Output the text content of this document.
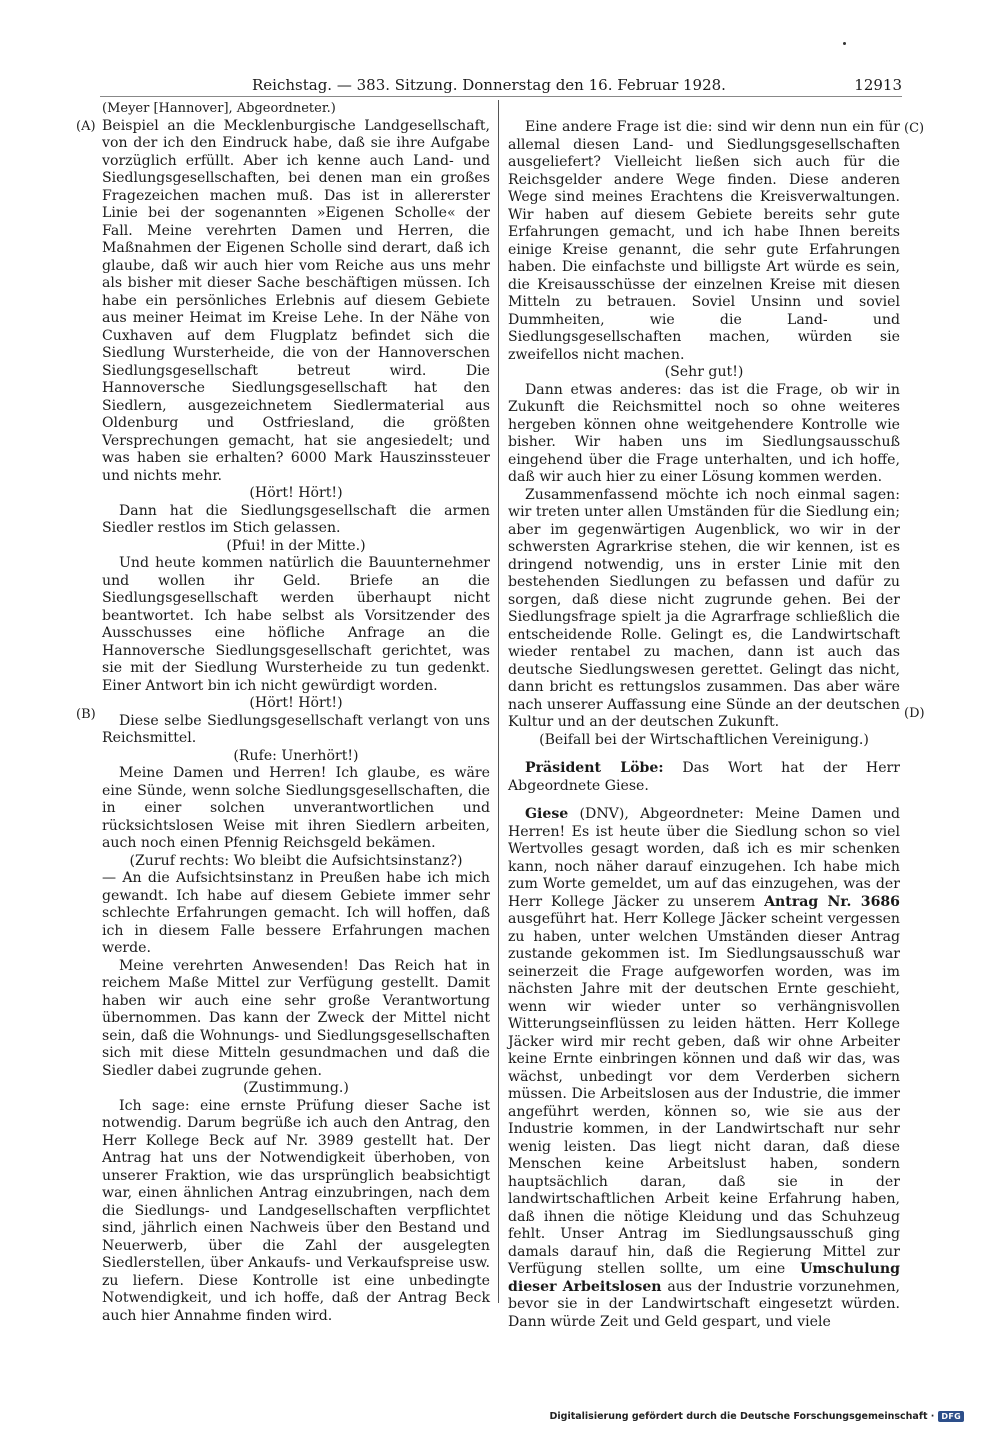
Reichstag. — 383. Sitzung. Donnerstag den 16. Februar 1928.	12913
(A)
(B)
(C)
(D)

(Meyer [Hannover], Abgeordneter.)

Beispiel an die Mecklenburgische Landgesellschaft, von der ich den Eindruck habe, daß sie ihre Aufgabe vorzüglich erfüllt. Aber ich kenne auch Land- und Siedlungsgesellschaften, bei denen man ein großes Fragezeichen machen muß. Das ist in allererster Linie bei der sogenannten »Eigenen Scholle« der Fall. Meine verehrten Damen und Herren, die Maßnahmen der Eigenen Scholle sind derart, daß ich glaube, daß wir auch hier vom Reiche aus uns mehr als bisher mit dieser Sache beschäftigen müssen. Ich habe ein persönliches Erlebnis auf diesem Gebiete aus meiner Heimat im Kreise Lehe. In der Nähe von Cuxhaven auf dem Flugplatz befindet sich die Siedlung Wursterheide, die von der Hannoverschen Siedlungsgesellschaft betreut wird. Die Hannoversche Siedlungsgesellschaft hat den Siedlern, ausgezeichnetem Siedlermaterial aus Oldenburg und Ostfriesland, die größten Versprechungen gemacht, hat sie angesiedelt; und was haben sie erhalten? 6000 Mark Hauszinssteuer und nichts mehr.

(Hört! Hört!)

Dann hat die Siedlungsgesellschaft die armen Siedler restlos im Stich gelassen.

(Pfui! in der Mitte.)

Und heute kommen natürlich die Bauunternehmer und wollen ihr Geld. Briefe an die Siedlungsgesellschaft werden überhaupt nicht beantwortet. Ich habe selbst als Vorsitzender des Ausschusses eine höfliche Anfrage an die Hannoversche Siedlungsgesellschaft gerichtet, was sie mit der Siedlung Wursterheide zu tun gedenkt. Einer Antwort bin ich nicht gewürdigt worden.

(Hört! Hört!)

Diese selbe Siedlungsgesellschaft verlangt von uns Reichsmittel.

(Rufe: Unerhört!)

Meine Damen und Herren! Ich glaube, es wäre eine Sünde, wenn solche Siedlungsgesellschaften, die in einer solchen unverantwortlichen und rücksichtslosen Weise mit ihren Siedlern arbeiten, auch noch einen Pfennig Reichsgeld bekämen.

(Zuruf rechts: Wo bleibt die Aufsichtsinstanz?)

— An die Aufsichtsinstanz in Preußen habe ich mich gewandt. Ich habe auf diesem Gebiete immer sehr schlechte Erfahrungen gemacht. Ich will hoffen, daß ich in diesem Falle bessere Erfahrungen machen werde.

Meine verehrten Anwesenden! Das Reich hat in reichem Maße Mittel zur Verfügung gestellt. Damit haben wir auch eine sehr große Verantwortung übernommen. Das kann der Zweck der Mittel nicht sein, daß die Wohnungs- und Siedlungsgesellschaften sich mit diese Mitteln gesundmachen und daß die Siedler dabei zugrunde gehen.

(Zustimmung.)

Ich sage: eine ernste Prüfung dieser Sache ist notwendig. Darum begrüße ich auch den Antrag, den Herr Kollege Beck auf Nr. 3989 gestellt hat. Der Antrag hat uns der Notwendigkeit überhoben, von unserer Fraktion, wie das ursprünglich beabsichtigt war, einen ähnlichen Antrag einzubringen, nach dem die Siedlungs- und Landgesellschaften verpflichtet sind, jährlich einen Nachweis über den Bestand und Neuerwerb, über die Zahl der ausgelegten Siedlerstellen, über Ankaufs- und Verkaufspreise usw. zu liefern. Diese Kontrolle ist eine unbedingte Notwendigkeit, und ich hoffe, daß der Antrag Beck auch hier Annahme finden wird.

Eine andere Frage ist die: sind wir denn nun ein für allemal diesen Land- und Siedlungsgesellschaften ausgeliefert? Vielleicht ließen sich auch für die Reichsgelder andere Wege finden. Diese anderen Wege sind meines Erachtens die Kreisverwaltungen. Wir haben auf diesem Gebiete bereits sehr gute Erfahrungen gemacht, und ich habe Ihnen bereits einige Kreise genannt, die sehr gute Erfahrungen haben. Die einfachste und billigste Art würde es sein, die Kreisausschüsse der einzelnen Kreise mit diesen Mitteln zu betrauen. Soviel Unsinn und soviel Dummheiten, wie die Land- und Siedlungsgesellschaften machen, würden sie zweifellos nicht machen.

(Sehr gut!)

Dann etwas anderes: das ist die Frage, ob wir in Zukunft die Reichsmittel noch so ohne weiteres hergeben können ohne weitgehendere Kontrolle wie bisher. Wir haben uns im Siedlungsausschuß eingehend über die Frage unterhalten, und ich hoffe, daß wir auch hier zu einer Lösung kommen werden.

Zusammenfassend möchte ich noch einmal sagen: wir treten unter allen Umständen für die Siedlung ein; aber im gegenwärtigen Augenblick, wo wir in der schwersten Agrarkrise stehen, die wir kennen, ist es dringend notwendig, uns in erster Linie mit den bestehenden Siedlungen zu befassen und dafür zu sorgen, daß diese nicht zugrunde gehen. Bei der Siedlungsfrage spielt ja die Agrarfrage schließlich die entscheidende Rolle. Gelingt es, die Landwirtschaft wieder rentabel zu machen, dann ist auch das deutsche Siedlungswesen gerettet. Gelingt das nicht, dann bricht es rettungslos zusammen. Das aber wäre nach unserer Auffassung eine Sünde an der deutschen Kultur und an der deutschen Zukunft.

(Beifall bei der Wirtschaftlichen Vereinigung.)

Präsident Löbe: Das Wort hat der Herr Abgeordnete Giese.

Giese (DNV), Abgeordneter: Meine Damen und Herren! Es ist heute über die Siedlung schon so viel Wertvolles gesagt worden, daß ich es mir schenken kann, noch näher darauf einzugehen. Ich habe mich zum Worte gemeldet, um auf das einzugehen, was der Herr Kollege Jäcker zu unserem Antrag Nr. 3686 ausgeführt hat. Herr Kollege Jäcker scheint vergessen zu haben, unter welchen Umständen dieser Antrag zustande gekommen ist. Im Siedlungsausschuß war seinerzeit die Frage aufgeworfen worden, was im nächsten Jahre mit der deutschen Ernte geschieht, wenn wir wieder unter so verhängnisvollen Witterungseinflüssen zu leiden hätten. Herr Kollege Jäcker wird mir recht geben, daß wir ohne Arbeiter keine Ernte einbringen können und daß wir das, was wächst, unbedingt vor dem Verderben sichern müssen. Die Arbeitslosen aus der Industrie, die immer angeführt werden, können so, wie sie aus der Industrie kommen, in der Landwirtschaft nur sehr wenig leisten. Das liegt nicht daran, daß diese Menschen keine Arbeitslust haben, sondern hauptsächlich daran, daß sie in der landwirtschaftlichen Arbeit keine Erfahrung haben, daß ihnen die nötige Kleidung und das Schuhzeug fehlt. Unser Antrag im Siedlungsausschuß ging damals darauf hin, daß die Regierung Mittel zur Verfügung stellen sollte, um eine Umschulung dieser Arbeitslosen aus der Industrie vorzunehmen, bevor sie in der Landwirtschaft eingesetzt würden. Dann würde Zeit und Geld gespart, und viele

Digitalisierung gefördert durch die Deutsche Forschungsgemeinschaft · DFG
